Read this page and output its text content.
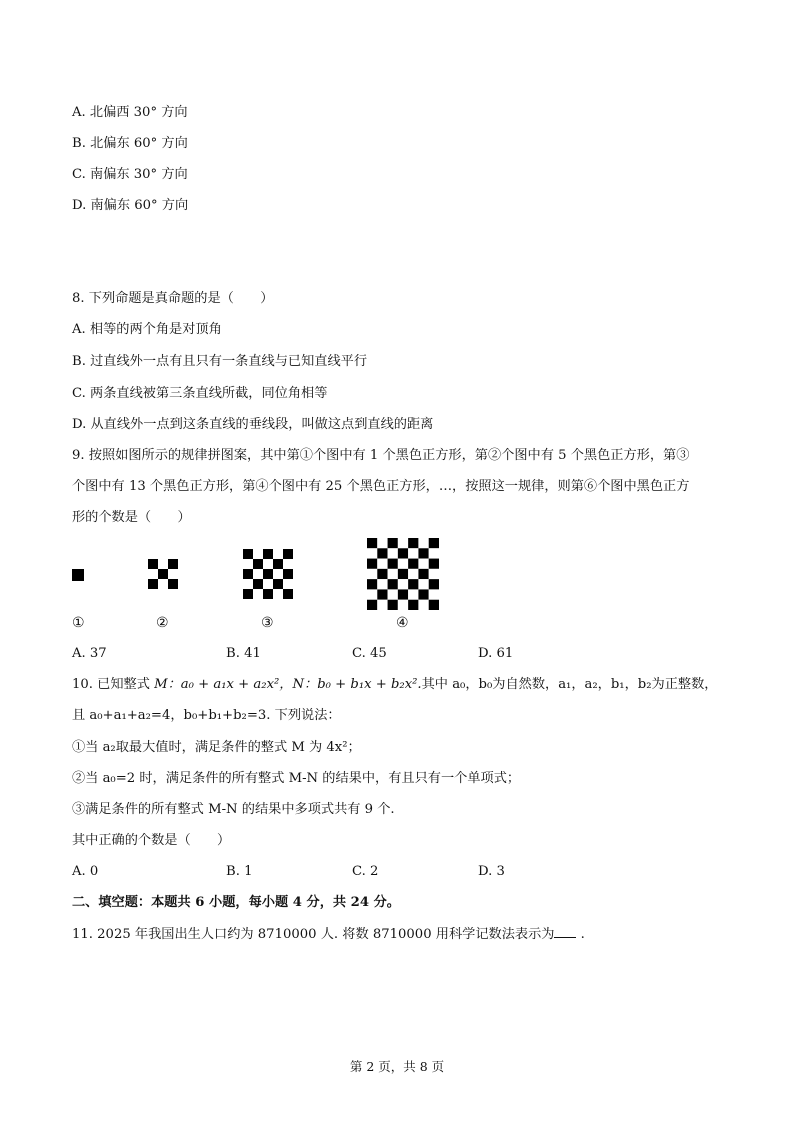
A. 北偏西 30° 方向
B. 北偏东 60° 方向
C. 南偏东 30° 方向
D. 南偏东 60° 方向
8. 下列命题是真命题的是（　　）
A. 相等的两个角是对顶角
B. 过直线外一点有且只有一条直线与已知直线平行
C. 两条直线被第三条直线所截，同位角相等
D. 从直线外一点到这条直线的垂线段，叫做这点到直线的距离
9. 按照如图所示的规律拼图案，其中第①个图中有 1 个黑色正方形，第②个图中有 5 个黑色正方形，第③
个图中有 13 个黑色正方形，第④个图中有 25 个黑色正方形，…，按照这一规律，则第⑥个图中黑色正方
形的个数是（　　）
①	②	③	④
A. 37	B. 41	C. 45	D. 61
10. 已知整式 M：a₀ + a₁x + a₂x²，N：b₀ + b₁x + b₂x².其中 a₀，b₀为自然数，a₁，a₂，b₁，b₂为正整数，
且 a₀+a₁+a₂=4，b₀+b₁+b₂=3. 下列说法：
①当 a₂取最大值时，满足条件的整式 M 为 4x²；
②当 a₀=2 时，满足条件的所有整式 M-N 的结果中，有且只有一个单项式；
③满足条件的所有整式 M-N 的结果中多项式共有 9 个.
其中正确的个数是（　　）
A. 0	B. 1	C. 2	D. 3
二、填空题：本题共 6 小题，每小题 4 分，共 24 分。
11. 2025 年我国出生人口约为 8710000 人. 将数 8710000 用科学记数法表示为 .
第 2 页，共 8 页
